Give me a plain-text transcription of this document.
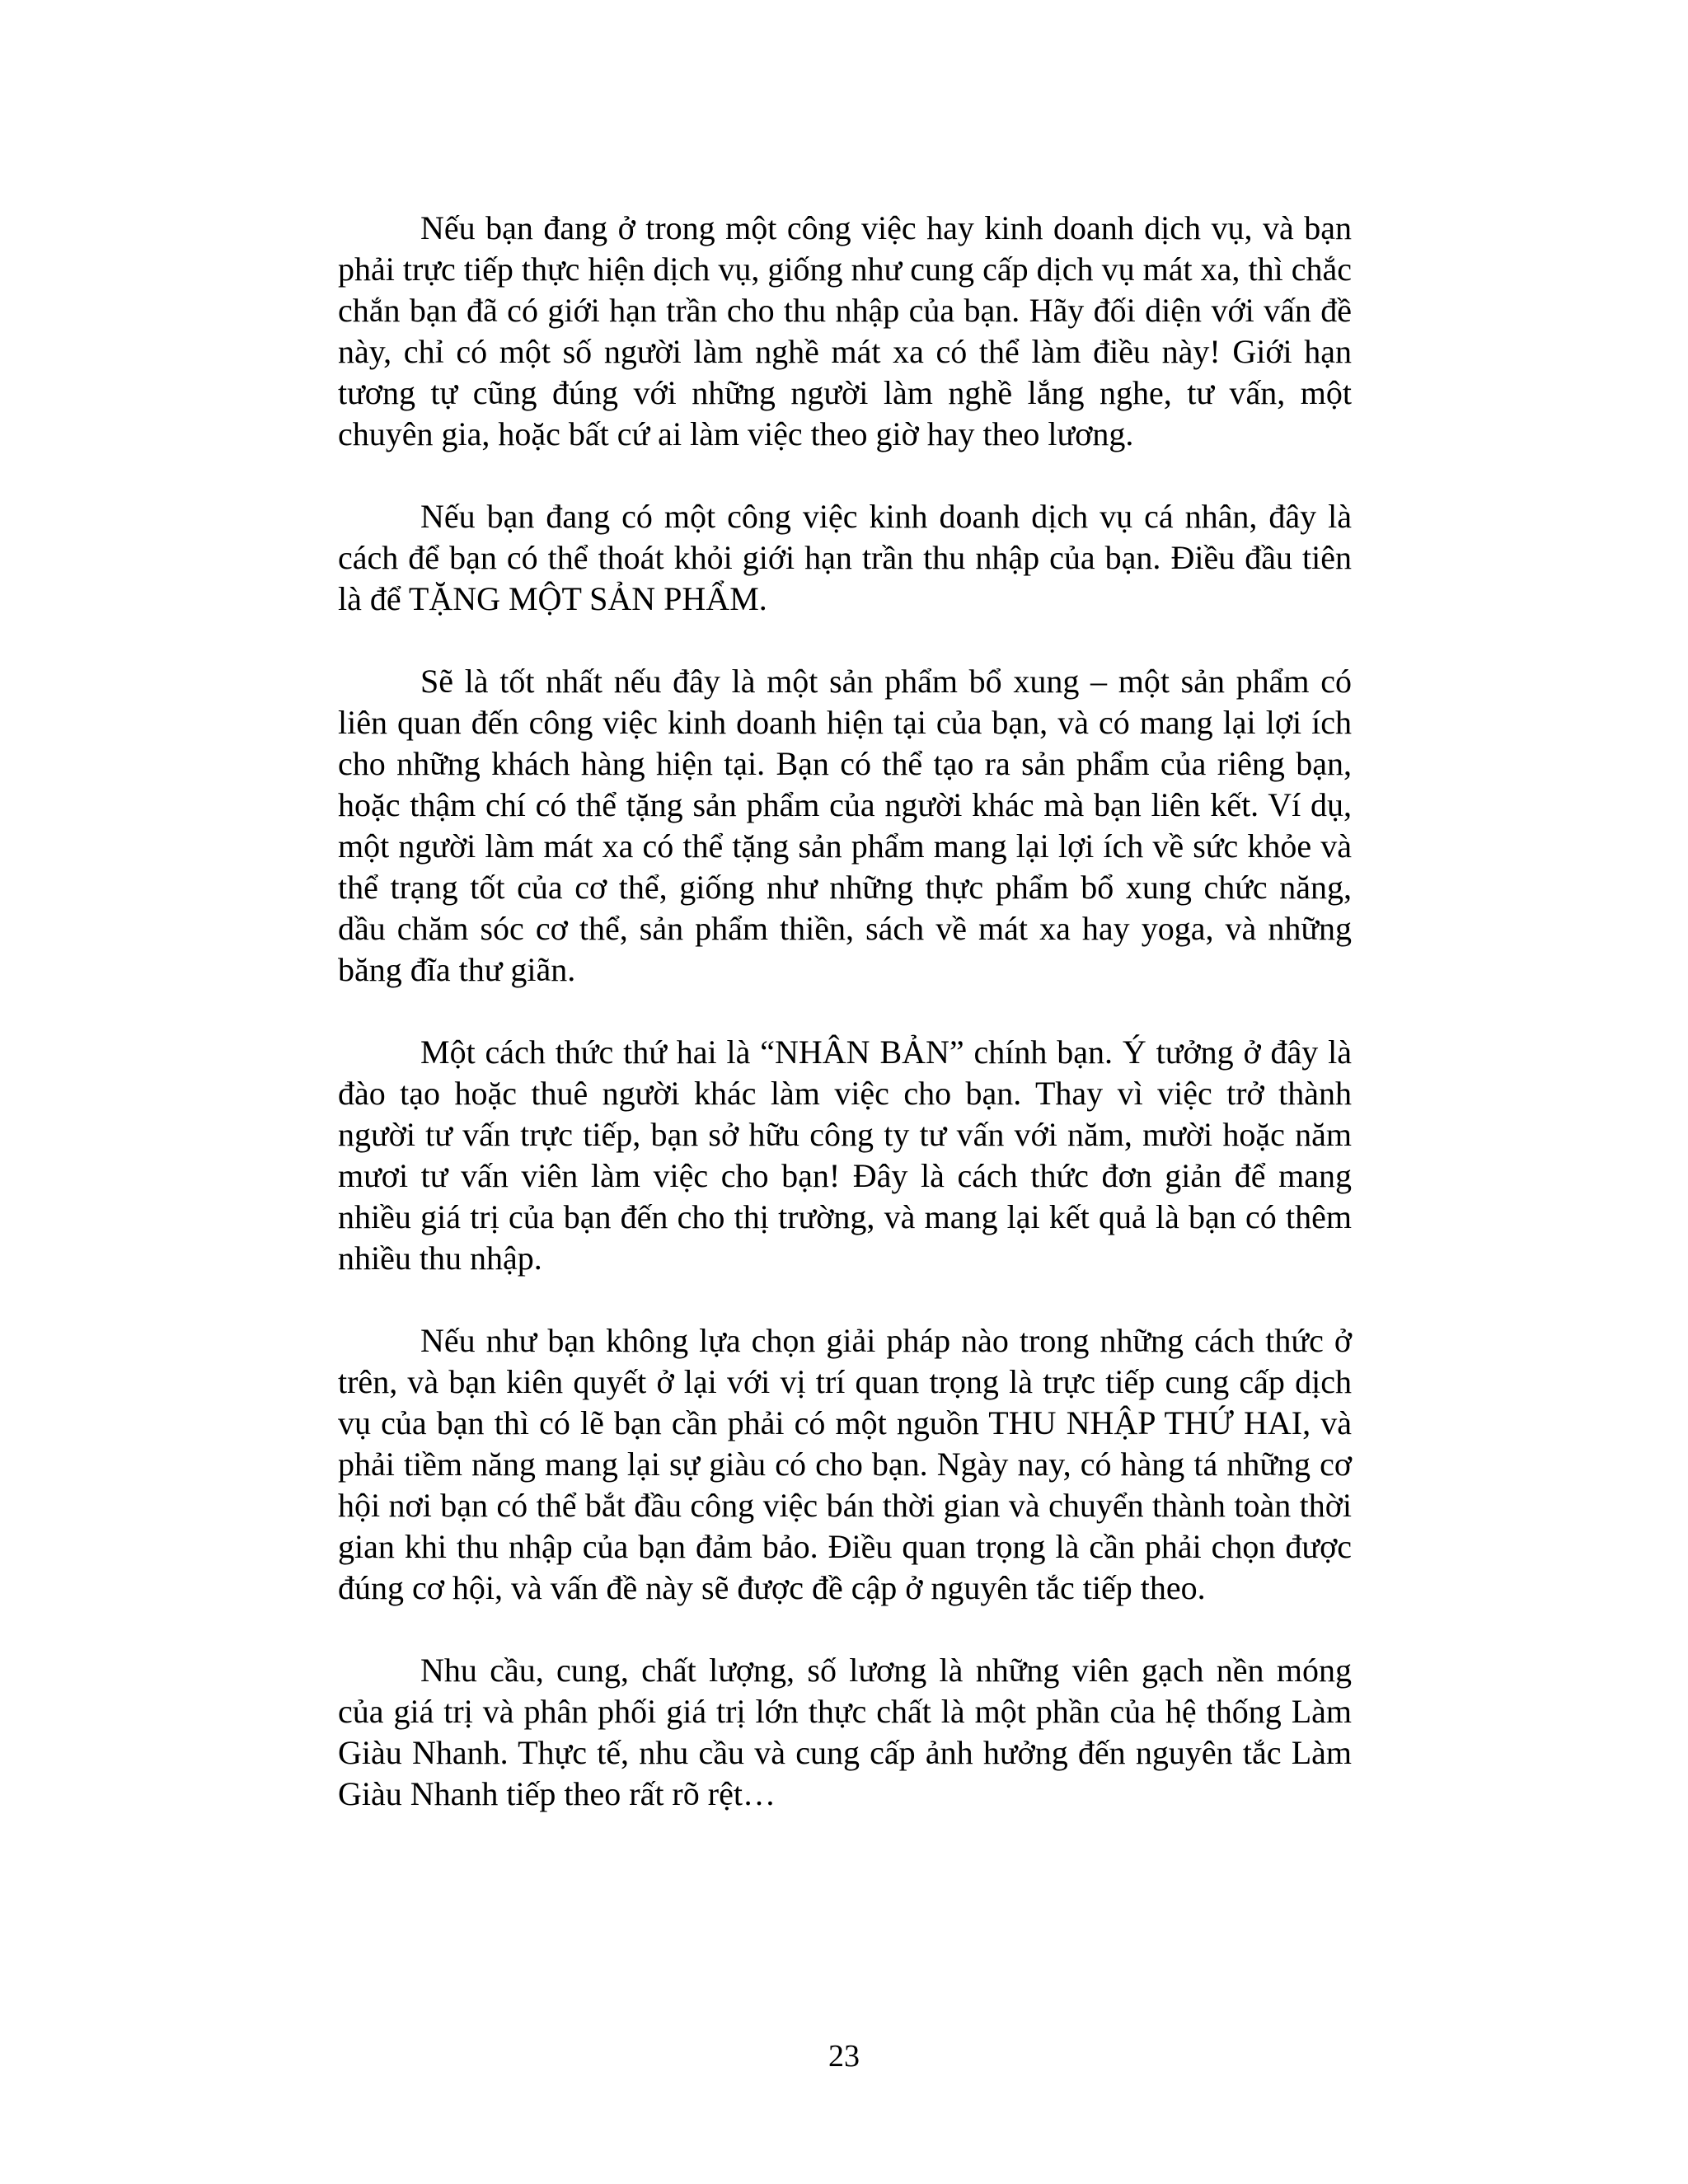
Nếu bạn đang ở trong một công việc hay kinh doanh dịch vụ, và bạn phải trực tiếp thực hiện dịch vụ, giống như cung cấp dịch vụ mát xa, thì chắc chắn bạn đã có giới hạn trần cho thu nhập của bạn. Hãy đối diện với vấn đề này, chỉ có một số người làm nghề mát xa có thể làm điều này! Giới hạn tương tự cũng đúng với những người làm nghề lắng nghe, tư vấn, một chuyên gia, hoặc bất cứ ai làm việc theo giờ hay theo lương.

Nếu bạn đang có một công việc kinh doanh dịch vụ cá nhân, đây là cách để bạn có thể thoát khỏi giới hạn trần thu nhập của bạn. Điều đầu tiên là để TẶNG MỘT SẢN PHẨM.

Sẽ là tốt nhất nếu đây là một sản phẩm bổ xung – một sản phẩm có liên quan đến công việc kinh doanh hiện tại của bạn, và có mang lại lợi ích cho những khách hàng hiện tại. Bạn có thể tạo ra sản phẩm của riêng bạn, hoặc thậm chí có thể tặng sản phẩm của người khác mà bạn liên kết. Ví dụ, một người làm mát xa có thể tặng sản phẩm mang lại lợi ích về sức khỏe và thể trạng tốt của cơ thể, giống như những thực phẩm bổ xung chức năng, dầu chăm sóc cơ thể, sản phẩm thiền, sách về mát xa hay yoga, và những băng đĩa thư giãn.

Một cách thức thứ hai là “NHÂN BẢN” chính bạn. Ý tưởng ở đây là đào tạo hoặc thuê người khác làm việc cho bạn. Thay vì việc trở thành người tư vấn trực tiếp, bạn sở hữu công ty tư vấn với năm, mười hoặc năm mươi tư vấn viên làm việc cho bạn! Đây là cách thức đơn giản để mang nhiều giá trị của bạn đến cho thị trường, và mang lại kết quả là bạn có thêm nhiều thu nhập.

Nếu như bạn không lựa chọn giải pháp nào trong những cách thức ở trên, và bạn kiên quyết ở lại với vị trí quan trọng là trực tiếp cung cấp dịch vụ của bạn thì có lẽ bạn cần phải có một nguồn THU NHẬP THỨ HAI, và phải tiềm năng mang lại sự giàu có cho bạn. Ngày nay, có hàng tá những cơ hội nơi bạn có thể bắt đầu công việc bán thời gian và chuyển thành toàn thời gian khi thu nhập của bạn đảm bảo. Điều quan trọng là cần phải chọn được đúng cơ hội, và vấn đề này sẽ được đề cập ở nguyên tắc tiếp theo.

Nhu cầu, cung, chất lượng, số lương là những viên gạch nền móng của giá trị và phân phối giá trị lớn thực chất là một phần của hệ thống Làm Giàu Nhanh. Thực tế, nhu cầu và cung cấp ảnh hưởng đến nguyên tắc Làm Giàu Nhanh tiếp theo rất rõ rệt…

23
